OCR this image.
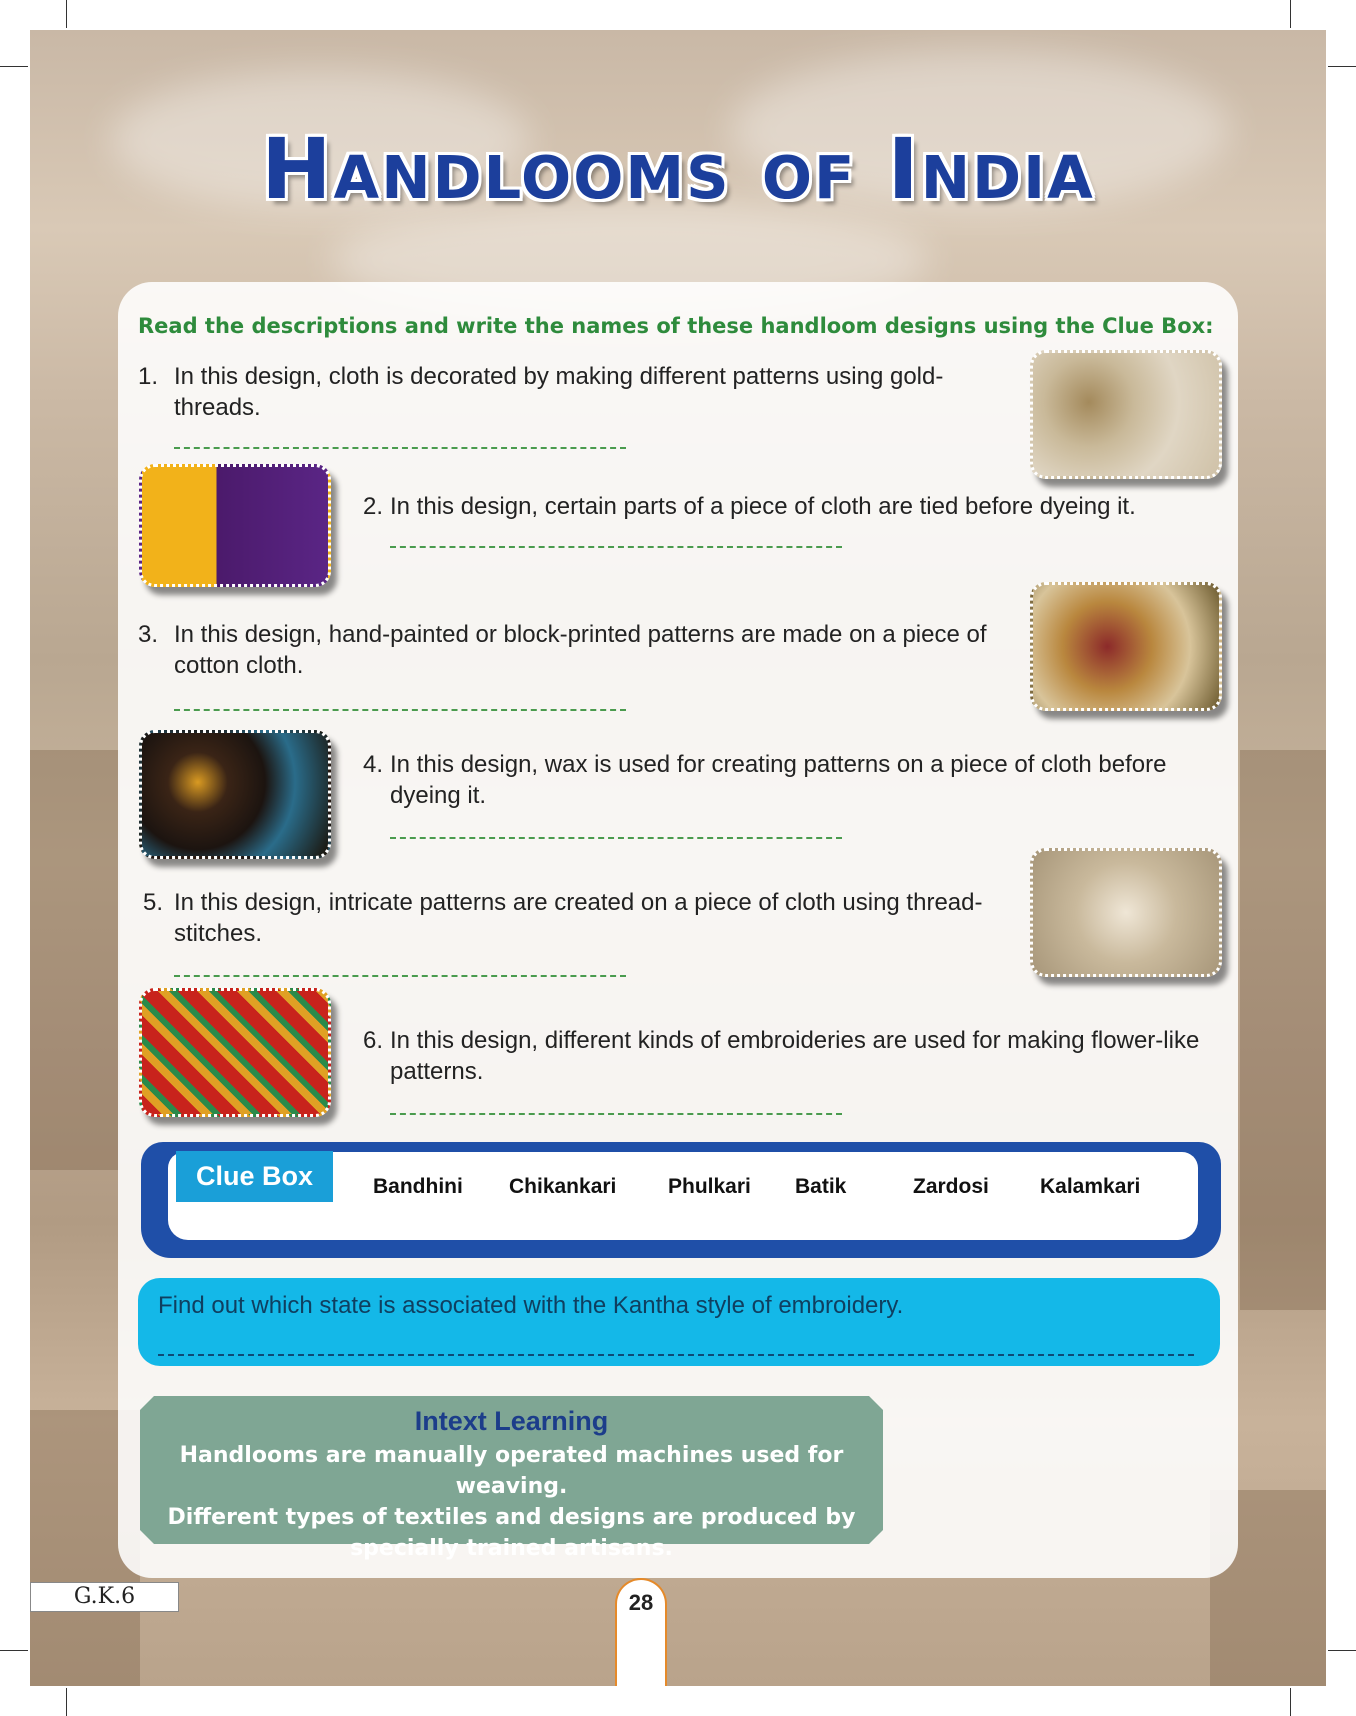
Handlooms of India
Read the descriptions and write the names of these handloom designs using the Clue Box:
1. In this design, cloth is decorated by making different patterns using gold-threads.
2. In this design, certain parts of a piece of cloth are tied before dyeing it.
3. In this design, hand-painted or block-printed patterns are made on a piece of cotton cloth.
4. In this design, wax is used for creating patterns on a piece of cloth before dyeing it.
5. In this design, intricate patterns are created on a piece of cloth using thread-stitches.
6. In this design, different kinds of embroideries are used for making flower-like patterns.
Clue Box	Bandhini Chikankari Phulkari Batik	Zardosi Kalamkari
Find out which state is associated with the Kantha style of embroidery.
Intext Learning
Handlooms are manually operated machines used for weaving.
Different types of textiles and designs are produced by
specially trained artisans.
G.K.6	28
